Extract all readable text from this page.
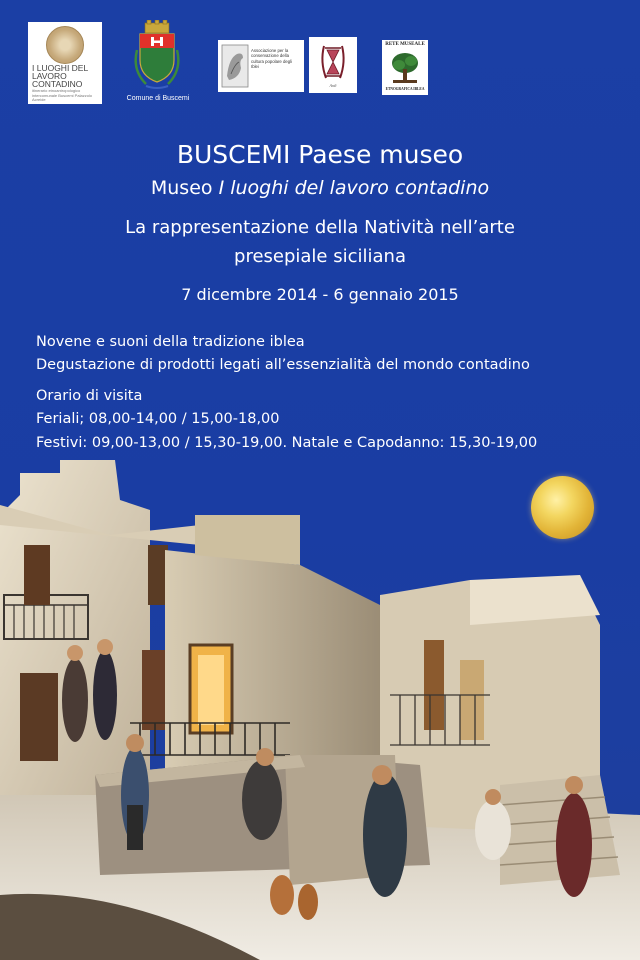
I LUOGHI DEL LAVORO CONTADINO
itinerario etnoantropologico intercomunale Buscemi Palazzolo Acreide	Comune di Buscemi
Associazione per la conservazione della cultura popolare degli Iblei
Ardi
RETE MUSEALE
ETNOGRAFICA IBLEA
BUSCEMI Paese museo
Museo I luoghi del lavoro contadino
La rappresentazione della Natività nell’arte
presepiale siciliana
7 dicembre 2014 - 6 gennaio 2015
Novene e suoni della tradizione iblea
Degustazione di prodotti legati all’essenzialità del mondo contadino
Orario di visita
Feriali; 08,00-14,00 / 15,00-18,00
Festivi: 09,00-13,00 / 15,30-19,00. Natale e Capodanno: 15,30-19,00
